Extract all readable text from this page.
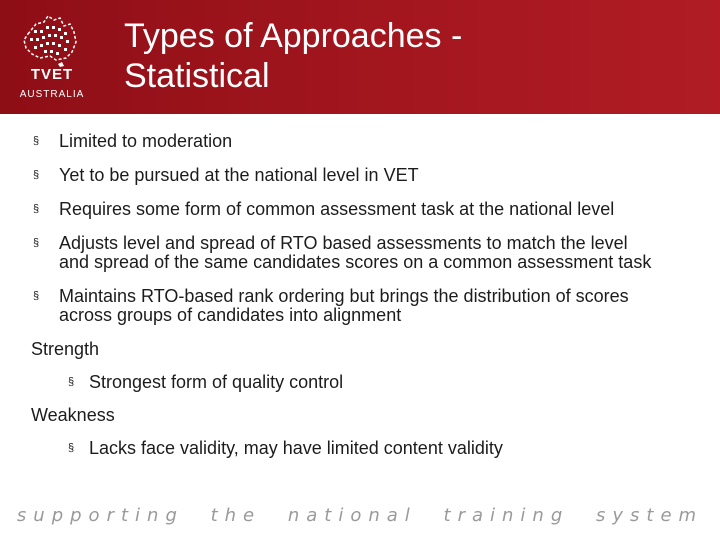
TVET
AUSTRALIA
Types of Approaches -
Statistical
§ Limited to moderation
§ Yet to be pursued at the national level in VET
§ Requires some form of common assessment task at the national level
§ Adjusts level and spread of RTO based assessments to match the level and spread of the same candidates scores on a common assessment task
§ Maintains RTO-based rank ordering but brings the distribution of scores across groups of candidates into alignment
Strength
§ Strongest form of quality control
Weakness
§ Lacks face validity, may have limited content validity
supporting the national training system
